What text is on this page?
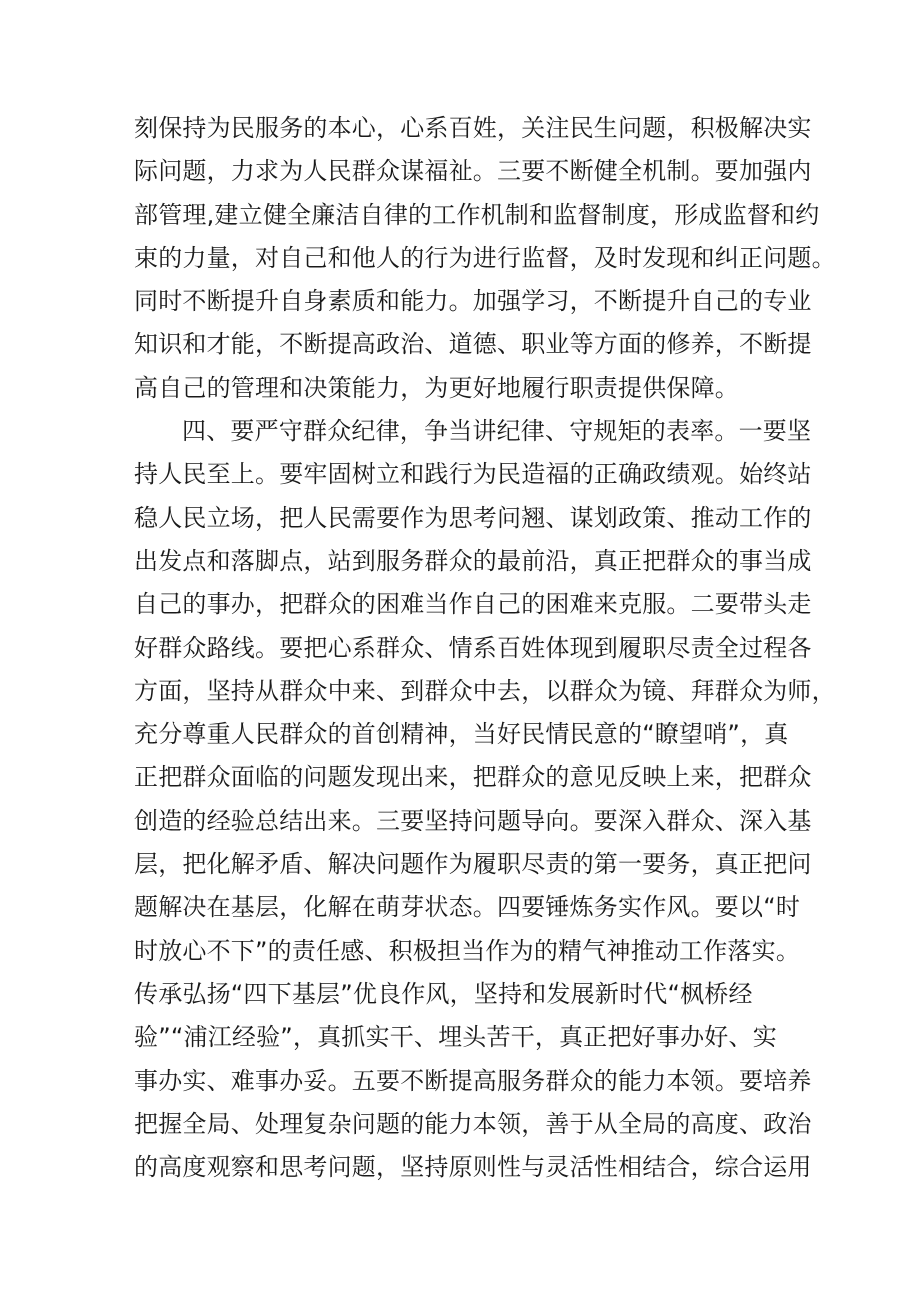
刻保持为民服务的本心，心系百姓，关注民生问题，积极解决实
际问题，力求为人民群众谋福祉。三要不断健全机制。要加强内
部管理,建立健全廉洁自律的工作机制和监督制度，形成监督和约
束的力量，对自己和他人的行为进行监督，及时发现和纠正问题。
同时不断提升自身素质和能力。加强学习，不断提升自己的专业
知识和才能，不断提高政治、道德、职业等方面的修养，不断提
高自己的管理和决策能力，为更好地履行职责提供保障。
四、要严守群众纪律，争当讲纪律、守规矩的表率。一要坚
持人民至上。要牢固树立和践行为民造福的正确政绩观。始终站
稳人民立场，把人民需要作为思考问翘、谋划政策、推动工作的
出发点和落脚点，站到服务群众的最前沿，真正把群众的事当成
自己的事办，把群众的困难当作自己的困难来克服。二要带头走
好群众路线。要把心系群众、情系百姓体现到履职尽责全过程各
方面，坚持从群众中来、到群众中去，以群众为镜、拜群众为师，
充分尊重人民群众的首创精神，当好民情民意的“瞭望哨”，真
正把群众面临的问题发现出来，把群众的意见反映上来，把群众
创造的经验总结出来。三要坚持问题导向。要深入群众、深入基
层，把化解矛盾、解决问题作为履职尽责的第一要务，真正把问
题解决在基层，化解在萌芽状态。四要锤炼务实作风。要以“时
时放心不下”的责任感、积极担当作为的精气神推动工作落实。
传承弘扬“四下基层”优良作风，坚持和发展新时代“枫桥经
验”“浦江经验”，真抓实干、埋头苦干，真正把好事办好、实
事办实、难事办妥。五要不断提高服务群众的能力本领。要培养
把握全局、处理复杂问题的能力本领，善于从全局的高度、政治
的高度观察和思考问题，坚持原则性与灵活性相结合，综合运用
